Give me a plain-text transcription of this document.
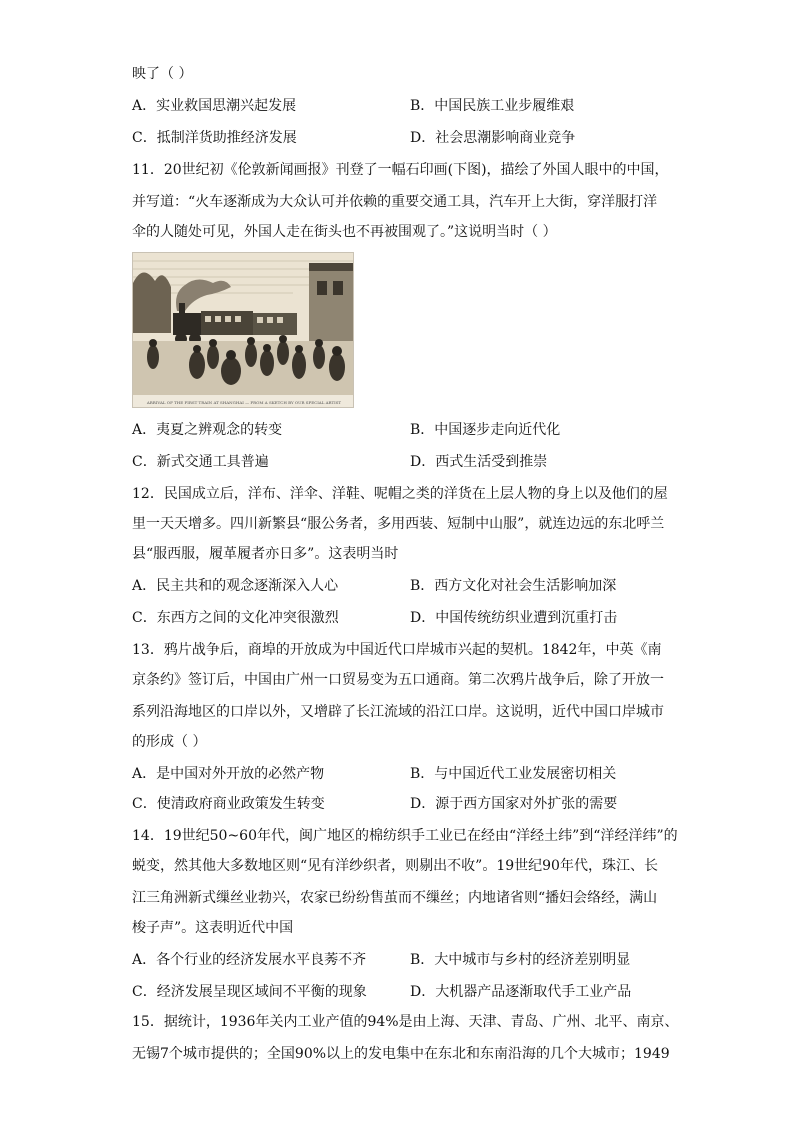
映了（ ）
A．实业救国思潮兴起发展	B．中国民族工业步履维艰
C．抵制洋货助推经济发展	D．社会思潮影响商业竞争
11．20世纪初《伦敦新闻画报》刊登了一幅石印画(下图)，描绘了外国人眼中的中国，
并写道：“火车逐渐成为大众认可并依赖的重要交通工具，汽车开上大街，穿洋服打洋
伞的人随处可见，外国人走在街头也不再被围观了。”这说明当时（ ）
ARRIVAL OF THE FIRST TRAIN AT SHANGHAI — FROM A SKETCH BY OUR SPECIAL ARTIST
A．夷夏之辨观念的转变	B．中国逐步走向近代化
C．新式交通工具普遍	D．西式生活受到推崇
12．民国成立后，洋布、洋伞、洋鞋、呢帽之类的洋货在上层人物的身上以及他们的屋
里一天天增多。四川新繁县“服公务者，多用西装、短制中山服”，就连边远的东北呼兰
县“服西服，履革履者亦日多”。这表明当时
A．民主共和的观念逐渐深入人心	B．西方文化对社会生活影响加深
C．东西方之间的文化冲突很激烈	D．中国传统纺织业遭到沉重打击
13．鸦片战争后，商埠的开放成为中国近代口岸城市兴起的契机。1842年，中英《南
京条约》签订后，中国由广州一口贸易变为五口通商。第二次鸦片战争后，除了开放一
系列沿海地区的口岸以外，又增辟了长江流域的沿江口岸。这说明，近代中国口岸城市
的形成（ ）
A．是中国对外开放的必然产物	B．与中国近代工业发展密切相关
C．使清政府商业政策发生转变	D．源于西方国家对外扩张的需要
14．19世纪50~60年代，闽广地区的棉纺织手工业已在经由“洋经土纬”到“洋经洋纬”的
蜕变，然其他大多数地区则“见有洋纱织者，则剔出不收”。19世纪90年代，珠江、长
江三角洲新式缫丝业勃兴，农家已纷纷售茧而不缫丝；内地诸省则“播妇会络经，满山
梭子声”。这表明近代中国
A．各个行业的经济发展水平良莠不齐	B．大中城市与乡村的经济差别明显
C．经济发展呈现区域间不平衡的现象	D．大机器产品逐渐取代手工业产品
15．据统计，1936年关内工业产值的94%是由上海、天津、青岛、广州、北平、南京、
无锡7个城市提供的；全国90%以上的发电集中在东北和东南沿海的几个大城市；1949
